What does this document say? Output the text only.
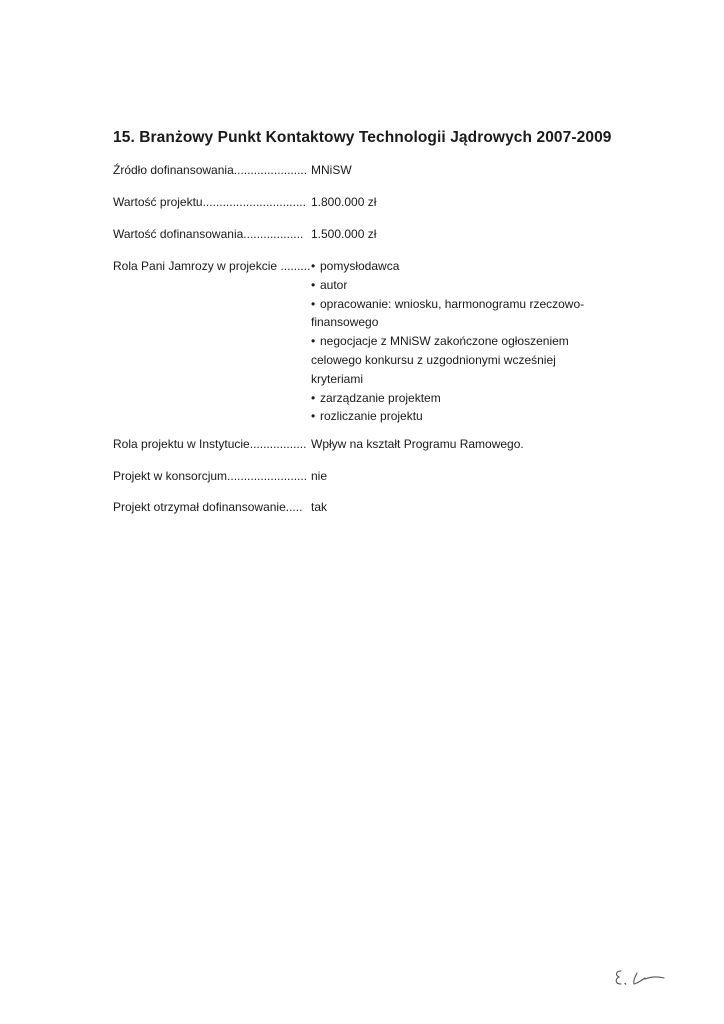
15. Branżowy Punkt Kontaktowy Technologii Jądrowych 2007-2009
Źródło dofinansowania...................... MNiSW
Wartość projektu............................... 1.800.000 zł
Wartość dofinansowania.................. 1.500.000 zł
Rola Pani Jamrozy w projekcie ......... • pomysłodawca
• autor
• opracowanie: wniosku, harmonogramu rzeczowo-
finansowego
• negocjacje z MNiSW zakończone ogłoszeniem
celowego konkursu z uzgodnionymi wcześniej
kryteriami
• zarządzanie projektem
• rozliczanie projektu
Rola projektu w Instytucie................. Wpływ na kształt Programu Ramowego.
Projekt w konsorcjum........................ nie
Projekt otrzymał dofinansowanie..... tak
